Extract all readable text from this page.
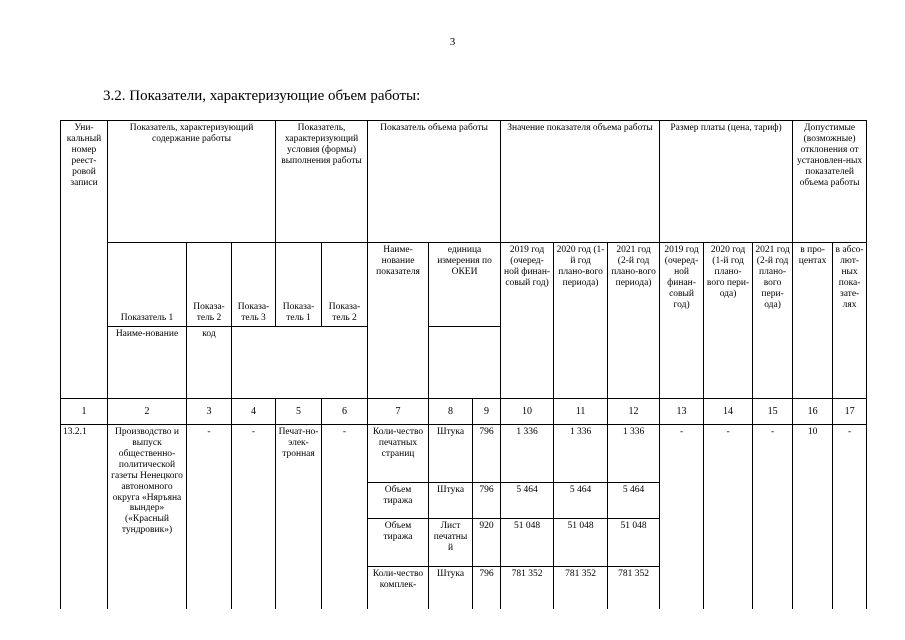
3
3.2. Показатели, характеризующие объем работы:
Уни-кальный номер реест-ровой записи	Показатель, характеризующий содержание работы			Показатель, характеризующий условия (формы) выполнения работы		Показатель объема работы			Значение показателя объема работы			Размер платы (цена, тариф)			Допустимые (возможные) отклонения от установлен-ных показателей объема работы	
	Показатель 1	Показа-тель 2	Показа-тель 3	Показа-тель 1	Показа-тель 2	Наиме-нование показателя	единица измерения по ОКЕИ		2019 год (очеред-ной финан-совый год)	2020 год (1-й год плано-вого периода)	2021 год (2-й год плано-вого периода)	2019 год (очеред-ной финан-совый год)	2020 год (1-й год плано-вого пери-ода)	2021 год (2-й год плано-вого пери-ода)	в про-центах	в абсо-лют-ных пока-зате-лях
	Наиме-нование	код														
1	2	3	4	5	6	7	8	9	10	11	12	13	14	15	16	17
13.2.1	Производство и выпуск общественно-политической газеты Ненецкого автономного округа «Няръяна вындер» («Красный тундровик»)	-	-	Печат-но-элек-тронная	-	Коли-чество печатных страниц	Штука	796	1 336	1 336	1 336	-	-	-	10	-
						Объем тиража	Штука	796	5 464	5 464	5 464					
						Объем тиража	Лист печатны й	920	51 048	51 048	51 048					

						Коли-чество комплек-	Штука	796	781 352	781 352	781 352					
